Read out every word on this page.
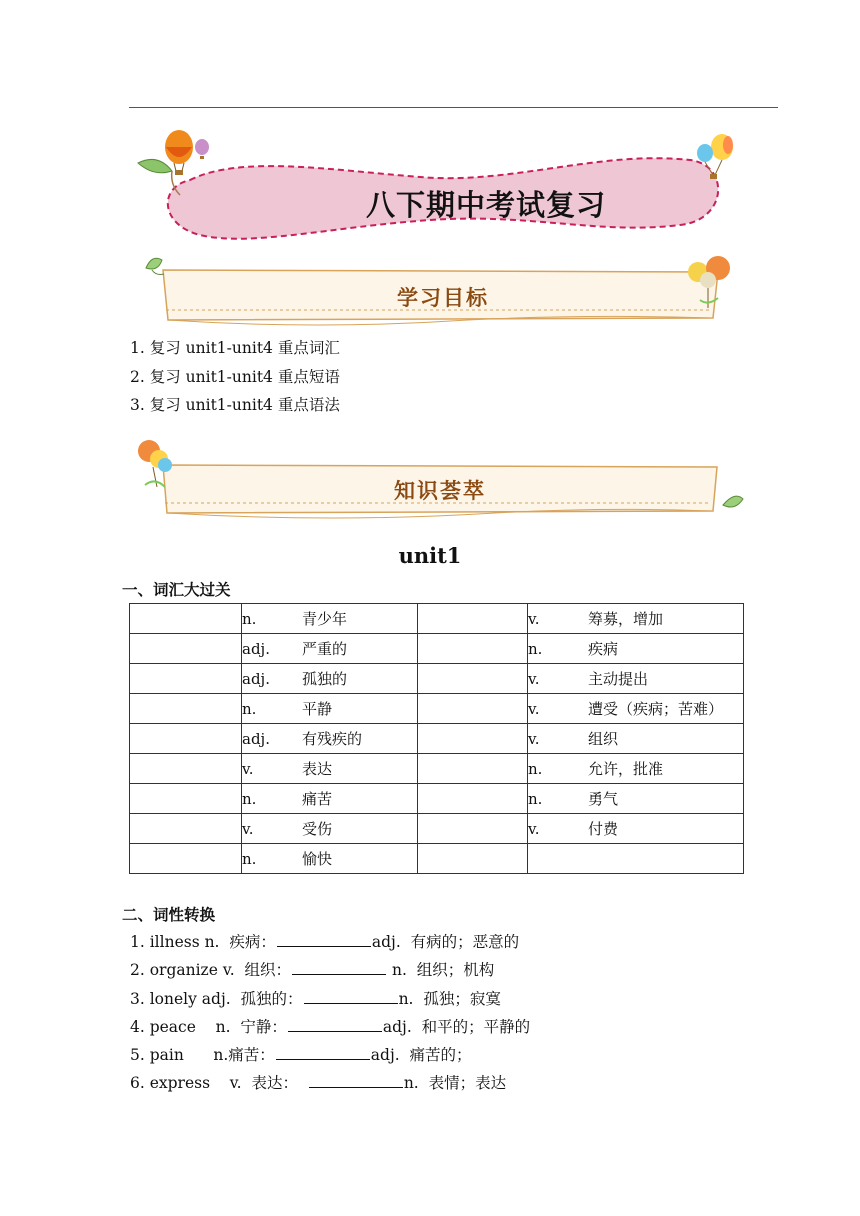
八下期中考试复习
学习目标
1. 复习 unit1-unit4 重点词汇
2. 复习 unit1-unit4 重点短语
3. 复习 unit1-unit4 重点语法
知识荟萃
unit1
一、词汇大过关
	n. 青少年		v. 筹募，增加
	adj. 严重的		n. 疾病
	adj. 孤独的		v. 主动提出
	n. 平静		v. 遭受（疾病；苦难）
	adj. 有残疾的		v. 组织
	v. 表达		n. 允许，批准
	n. 痛苦		n. 勇气
	v. 受伤		v. 付费
	n. 愉快		
二、词性转换
1. illness n.  疾病：	adj.  有病的；恶意的
2. organize v.  组织：	n.  组织；机构
3. lonely adj.  孤独的：	n.  孤独；寂寞
4. peace    n.  宁静：	adj.  和平的；平静的
5. pain      n.痛苦：	adj.  痛苦的；
6. express    v.  表达：	n.  表情；表达
